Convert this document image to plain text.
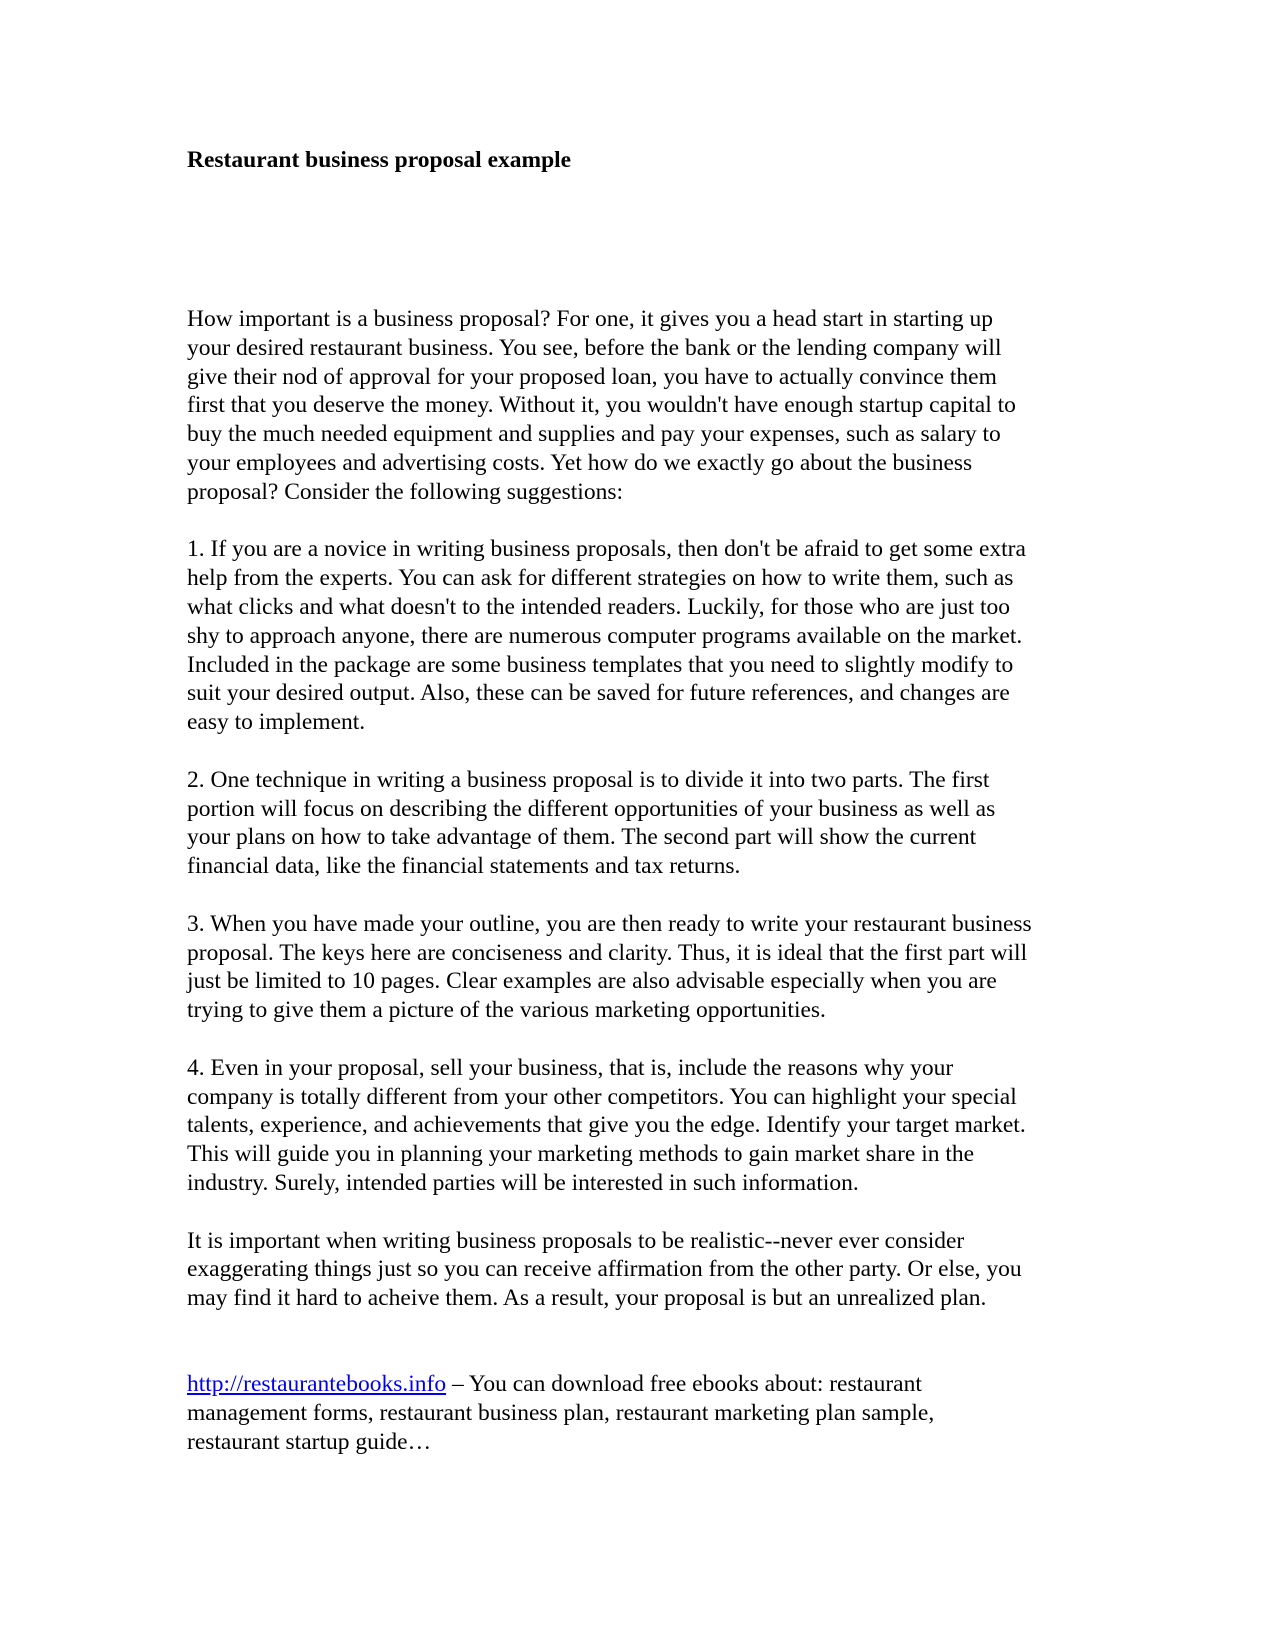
Restaurant business proposal example

How important is a business proposal? For one, it gives you a head start in starting up
your desired restaurant business. You see, before the bank or the lending company will
give their nod of approval for your proposed loan, you have to actually convince them
first that you deserve the money. Without it, you wouldn't have enough startup capital to
buy the much needed equipment and supplies and pay your expenses, such as salary to
your employees and advertising costs. Yet how do we exactly go about the business
proposal? Consider the following suggestions:

1. If you are a novice in writing business proposals, then don't be afraid to get some extra
help from the experts. You can ask for different strategies on how to write them, such as
what clicks and what doesn't to the intended readers. Luckily, for those who are just too
shy to approach anyone, there are numerous computer programs available on the market.
Included in the package are some business templates that you need to slightly modify to
suit your desired output. Also, these can be saved for future references, and changes are
easy to implement.

2. One technique in writing a business proposal is to divide it into two parts. The first
portion will focus on describing the different opportunities of your business as well as
your plans on how to take advantage of them. The second part will show the current
financial data, like the financial statements and tax returns.

3. When you have made your outline, you are then ready to write your restaurant business
proposal. The keys here are conciseness and clarity. Thus, it is ideal that the first part will
just be limited to 10 pages. Clear examples are also advisable especially when you are
trying to give them a picture of the various marketing opportunities.

4. Even in your proposal, sell your business, that is, include the reasons why your
company is totally different from your other competitors. You can highlight your special
talents, experience, and achievements that give you the edge. Identify your target market.
This will guide you in planning your marketing methods to gain market share in the
industry. Surely, intended parties will be interested in such information.

It is important when writing business proposals to be realistic--never ever consider
exaggerating things just so you can receive affirmation from the other party. Or else, you
may find it hard to acheive them. As a result, your proposal is but an unrealized plan.

http://restaurantebooks.info – You can download free ebooks about: restaurant
management forms, restaurant business plan, restaurant marketing plan sample,
restaurant startup guide…
